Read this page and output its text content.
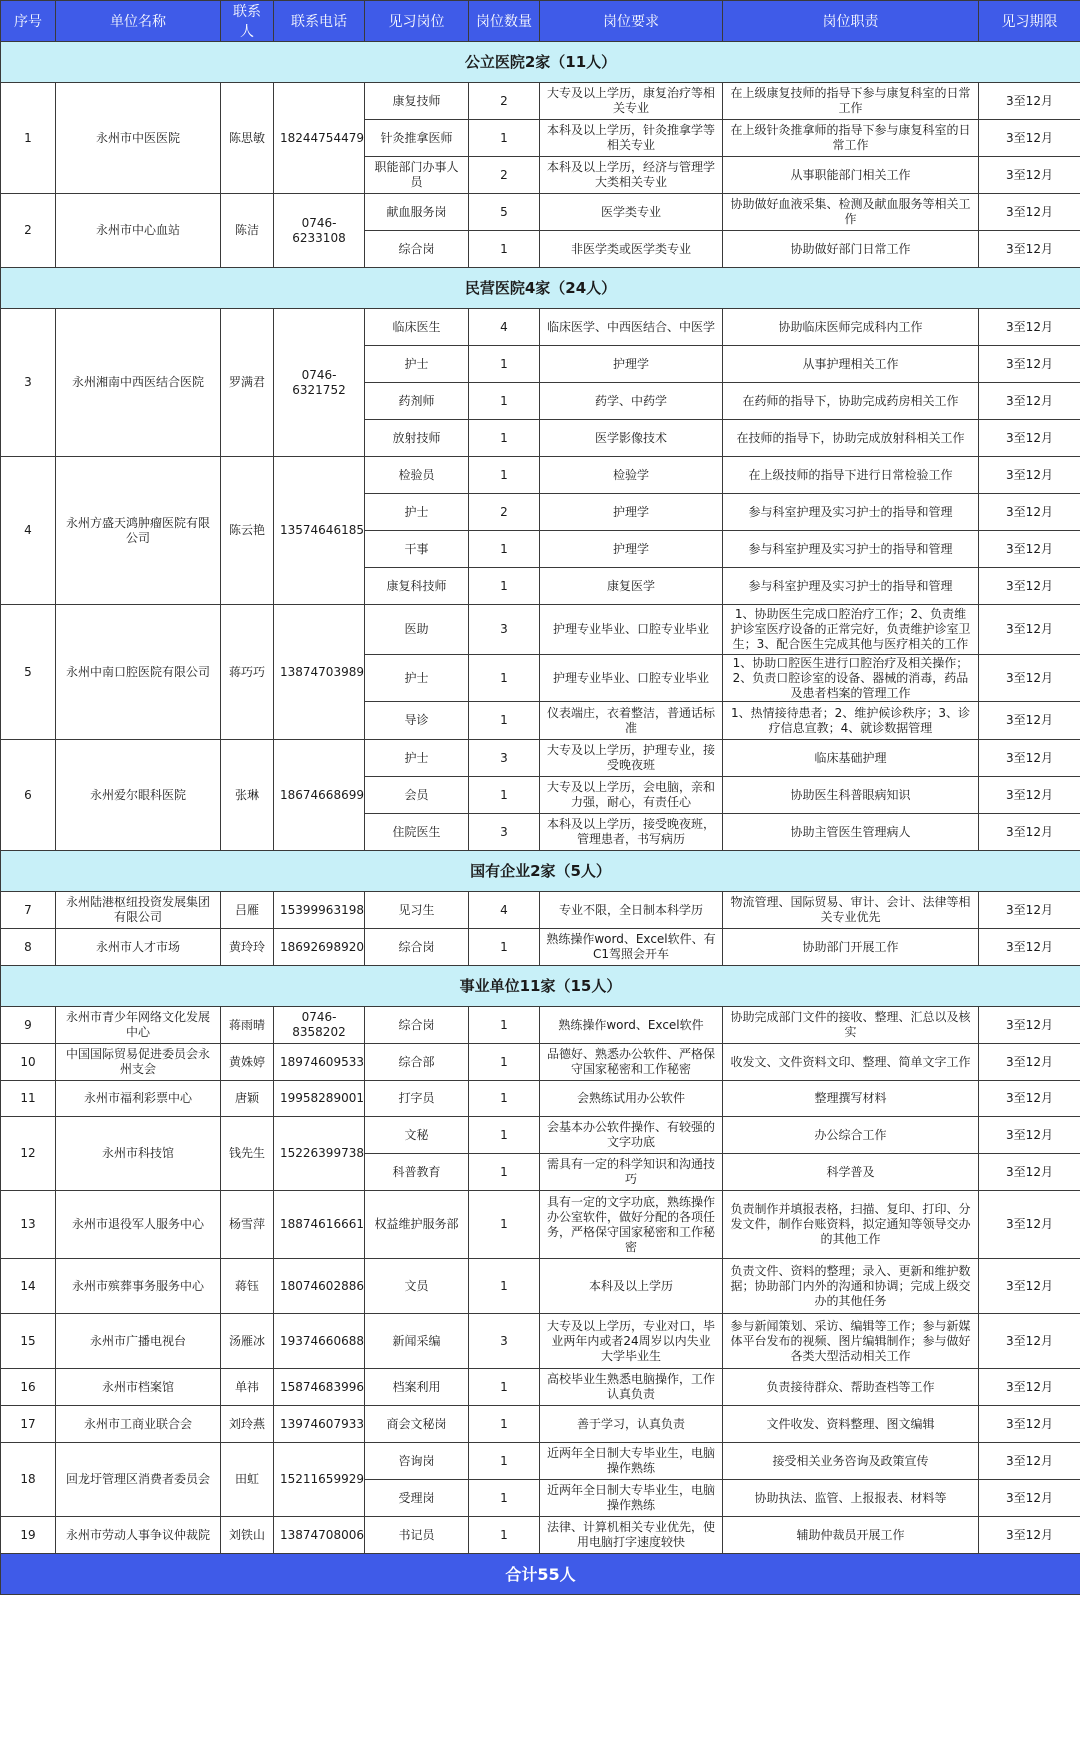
序号	单位名称	联系人	联系电话	见习岗位	岗位数量	岗位要求	岗位职责	见习期限
公立医院2家（11人）								
1	永州市中医医院	陈思敏	18244754479	康复技师	2	大专及以上学历，康复治疗等相关专业	在上级康复技师的指导下参与康复科室的日常工作	3至12月
				针灸推拿医师	1	本科及以上学历，针灸推拿学等相关专业	在上级针灸推拿师的指导下参与康复科室的日常工作	3至12月
				职能部门办事人员	2	本科及以上学历，经济与管理学大类相关专业	从事职能部门相关工作	3至12月
2	永州市中心血站	陈洁	0746-6233108	献血服务岗	5	医学类专业	协助做好血液采集、检测及献血服务等相关工作	3至12月
				综合岗	1	非医学类或医学类专业	协助做好部门日常工作	3至12月
民营医院4家（24人）								
3	永州湘南中西医结合医院	罗满君	0746-6321752	临床医生	4	临床医学、中西医结合、中医学	协助临床医师完成科内工作	3至12月
				护士	1	护理学	从事护理相关工作	3至12月
				药剂师	1	药学、中药学	在药师的指导下，协助完成药房相关工作	3至12月
				放射技师	1	医学影像技术	在技师的指导下，协助完成放射科相关工作	3至12月
4	永州方盛天鸿肿瘤医院有限公司	陈云艳	13574646185	检验员	1	检验学	在上级技师的指导下进行日常检验工作	3至12月
				护士	2	护理学	参与科室护理及实习护士的指导和管理	3至12月
				干事	1	护理学	参与科室护理及实习护士的指导和管理	3至12月
				康复科技师	1	康复医学	参与科室护理及实习护士的指导和管理	3至12月
5	永州中南口腔医院有限公司	蒋巧巧	13874703989	医助	3	护理专业毕业、口腔专业毕业	1、协助医生完成口腔治疗工作；2、负责维护诊室医疗设备的正常完好，负责维护诊室卫生；3、配合医生完成其他与医疗相关的工作	3至12月
				护士	1	护理专业毕业、口腔专业毕业	1、协助口腔医生进行口腔治疗及相关操作；2、负责口腔诊室的设备、器械的消毒，药品及患者档案的管理工作	3至12月
				导诊	1	仪表端庄，衣着整洁，普通话标准	1、热情接待患者；2、维护候诊秩序；3、诊疗信息宣教；4、就诊数据管理	3至12月
6	永州爱尔眼科医院	张琳	18674668699	护士	3	大专及以上学历，护理专业，接受晚夜班	临床基础护理	3至12月
				会员	1	大专及以上学历，会电脑，亲和力强，耐心，有责任心	协助医生科普眼病知识	3至12月
				住院医生	3	本科及以上学历，接受晚夜班，管理患者，书写病历	协助主管医生管理病人	3至12月
国有企业2家（5人）								
7	永州陆港枢纽投资发展集团有限公司	吕雁	15399963198	见习生	4	专业不限，全日制本科学历	物流管理、国际贸易、审计、会计、法律等相关专业优先	3至12月
8	永州市人才市场	黄玲玲	18692698920	综合岗	1	熟练操作word、Excel软件、有C1驾照会开车	协助部门开展工作	3至12月
事业单位11家（15人）								
9	永州市青少年网络文化发展中心	蒋雨晴	0746-8358202	综合岗	1	熟练操作word、Excel软件	协助完成部门文件的接收、整理、汇总以及核实	3至12月
10	中国国际贸易促进委员会永州支会	黄姝婷	18974609533	综合部	1	品德好、熟悉办公软件、严格保守国家秘密和工作秘密	收发文、文件资料文印、整理、简单文字工作	3至12月
11	永州市福利彩票中心	唐颖	19958289001	打字员	1	会熟练试用办公软件	整理撰写材料	3至12月
12	永州市科技馆	钱先生	15226399738	文秘	1	会基本办公软件操作、有较强的文字功底	办公综合工作	3至12月
				科普教育	1	需具有一定的科学知识和沟通技巧	科学普及	3至12月
13	永州市退役军人服务中心	杨雪萍	18874616661	权益维护服务部	1	具有一定的文字功底，熟练操作办公室软件，做好分配的各项任务，严格保守国家秘密和工作秘密	负责制作并填报表格，扫描、复印、打印、分发文件，制作台账资料，拟定通知等领导交办的其他工作	3至12月
14	永州市殡葬事务服务中心	蒋钰	18074602886	文员	1	本科及以上学历	负责文件、资料的整理；录入、更新和维护数据；协助部门内外的沟通和协调；完成上级交办的其他任务	3至12月
15	永州市广播电视台	汤雁冰	19374660688	新闻采编	3	大专及以上学历，专业对口，毕业两年内或者24周岁以内失业大学毕业生	参与新闻策划、采访、编辑等工作；参与新媒体平台发布的视频、图片编辑制作；参与做好各类大型活动相关工作	3至12月
16	永州市档案馆	单祎	15874683996	档案利用	1	高校毕业生熟悉电脑操作，工作认真负责	负责接待群众、帮助查档等工作	3至12月
17	永州市工商业联合会	刘玲燕	13974607933	商会文秘岗	1	善于学习，认真负责	文件收发、资料整理、图文编辑	3至12月
18	回龙圩管理区消费者委员会	田虹	15211659929	咨询岗	1	近两年全日制大专毕业生，电脑操作熟练	接受相关业务咨询及政策宣传	3至12月
				受理岗	1	近两年全日制大专毕业生，电脑操作熟练	协助执法、监管、上报报表、材料等	3至12月
19	永州市劳动人事争议仲裁院	刘铁山	13874708006	书记员	1	法律、计算机相关专业优先，使用电脑打字速度较快	辅助仲裁员开展工作	3至12月
合计55人								
小红书
